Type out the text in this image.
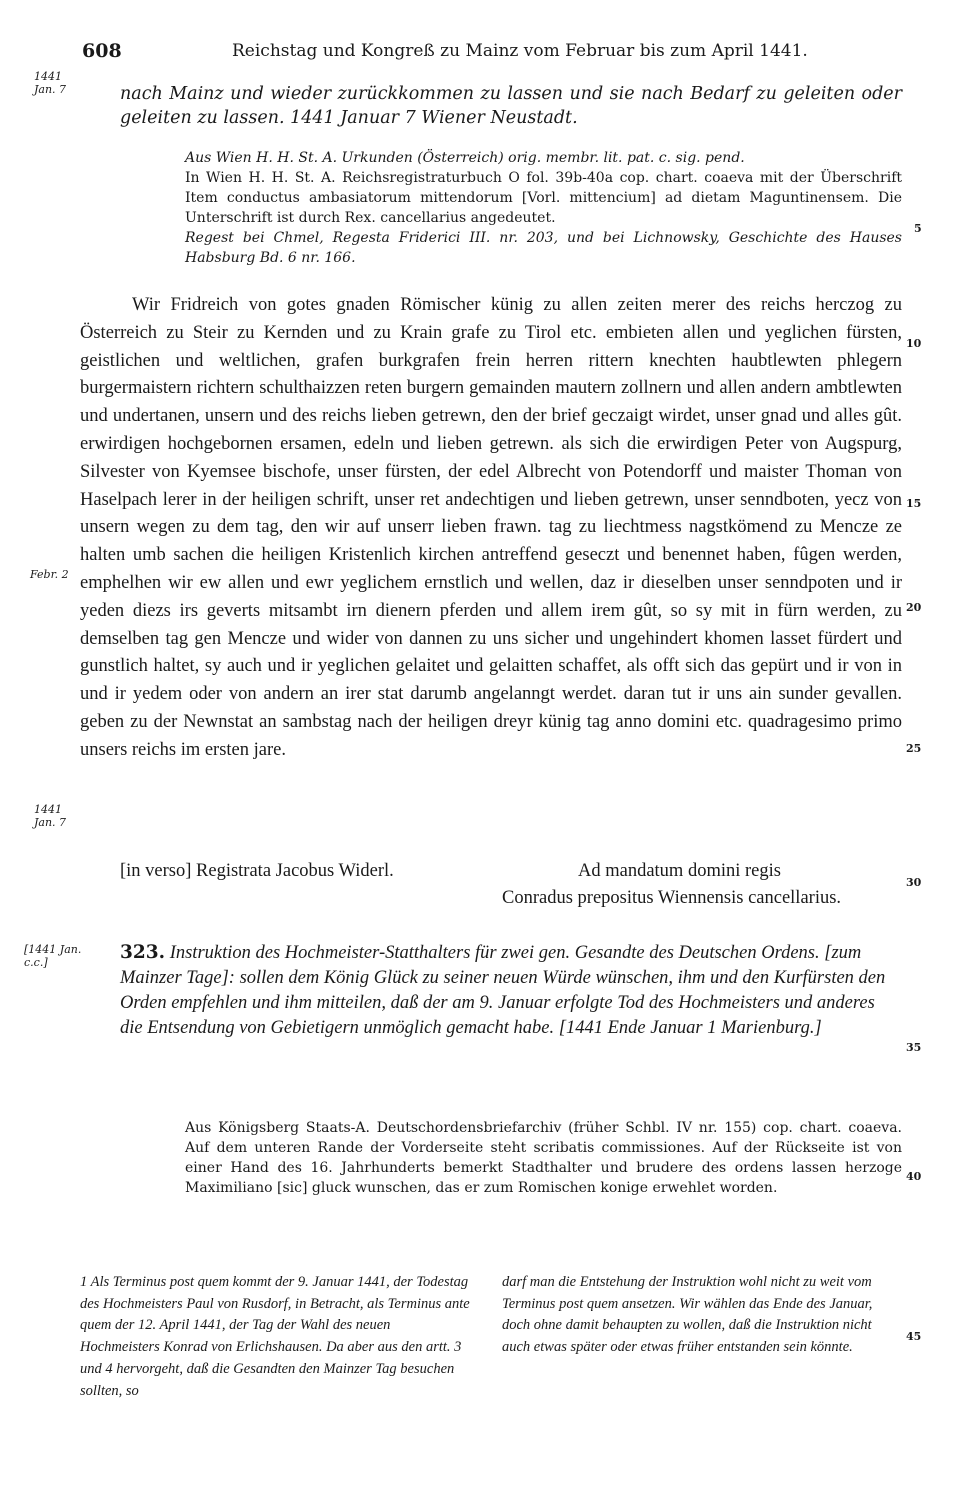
608	Reichstag und Kongreß zu Mainz vom Februar bis zum April 1441.
1441 Jan. 7
Febr. 2
1441 Jan. 7
[1441 Jan. c.c.]
5
10
15
20
25
30
35
40
45
nach Mainz und wieder zurückkommen zu lassen und sie nach Bedarf zu geleiten oder geleiten zu lassen. 1441 Januar 7 Wiener Neustadt.
Aus Wien H. H. St. A. Urkunden (Österreich) orig. membr. lit. pat. c. sig. pend.
In Wien H. H. St. A. Reichsregistraturbuch O fol. 39b-40a cop. chart. coaeva mit der Überschrift Item conductus ambasiatorum mittendorum [Vorl. mittencium] ad dietam Maguntinensem. Die Unterschrift ist durch Rex. cancellarius angedeutet.
Regest bei Chmel, Regesta Friderici III. nr. 203, und bei Lichnowsky, Geschichte des Hauses Habsburg Bd. 6 nr. 166.

Wir Fridreich von gotes gnaden Römischer künig zu allen zeiten merer des reichs herczog zu Österreich zu Steir zu Kernden und zu Krain grafe zu Tirol etc. embieten allen und yeglichen fürsten, geistlichen und weltlichen, grafen burkgrafen frein herren rittern knechten haubtlewten phlegern burgermaistern richtern schulthaizzen reten burgern gemainden mautern zollnern und allen andern ambtlewten und undertanen, unsern und des reichs lieben getrewn, den der brief geczaigt wirdet, unser gnad und alles gût. erwirdigen hochgebornen ersamen, edeln und lieben getrewn. als sich die erwirdigen Peter von Augspurg, Silvester von Kyemsee bischofe, unser fürsten, der edel Albrecht von Potendorff und maister Thoman von Haselpach lerer in der heiligen schrift, unser ret andechtigen und lieben getrewn, unser senndboten, yecz von unsern wegen zu dem tag, den wir auf unserr lieben frawn. tag zu liechtmess nagstkömend zu Mencze ze halten umb sachen die heiligen Kristenlich kirchen antreffend geseczt und benennet haben, fûgen werden, emphelhen wir ew allen und ewr yeglichem ernstlich und wellen, daz ir dieselben unser senndpoten und ir yeden diezs irs geverts mitsambt irn dienern pferden und allem irem gût, so sy mit in fürn werden, zu demselben tag gen Mencze und wider von dannen zu uns sicher und ungehindert khomen lasset fürdert und gunstlich haltet, sy auch und ir yeglichen gelaitet und gelaitten schaffet, als offt sich das gepürt und ir von in und ir yedem oder von andern an irer stat darumb angelanngt werdet. daran tut ir uns ain sunder gevallen. geben zu der Newnstat an sambstag nach der heiligen dreyr künig tag anno domini etc. quadragesimo primo unsers reichs im ersten jare.

[in verso] Registrata Jacobus Widerl.	Ad mandatum domini regis
Conradus prepositus Wiennensis cancellarius.
323. Instruktion des Hochmeister-Statthalters für zwei gen. Gesandte des Deutschen Ordens. [zum Mainzer Tage]: sollen dem König Glück zu seiner neuen Würde wünschen, ihm und den Kurfürsten den Orden empfehlen und ihm mitteilen, daß der am 9. Januar erfolgte Tod des Hochmeisters und anderes die Entsendung von Gebietigern unmöglich gemacht habe. [1441 Ende Januar 1 Marienburg.]
Aus Königsberg Staats-A. Deutschordensbriefarchiv (früher Schbl. IV nr. 155) cop. chart. coaeva. Auf dem unteren Rande der Vorderseite steht scribatis commissiones. Auf der Rückseite ist von einer Hand des 16. Jahrhunderts bemerkt Stadthalter und brudere des ordens lassen herzoge Maximiliano [sic] gluck wunschen, das er zum Romischen konige erwehlet worden.
1 Als Terminus post quem kommt der 9. Januar 1441, der Todestag des Hochmeisters Paul von Rusdorf, in Betracht, als Terminus ante quem der 12. April 1441, der Tag der Wahl des neuen Hochmeisters Konrad von Erlichshausen. Da aber aus den artt. 3 und 4 hervorgeht, daß die Gesandten den Mainzer Tag besuchen sollten, so
darf man die Entstehung der Instruktion wohl nicht zu weit vom Terminus post quem ansetzen. Wir wählen das Ende des Januar, doch ohne damit behaupten zu wollen, daß die Instruktion nicht auch etwas später oder etwas früher entstanden sein könnte.
